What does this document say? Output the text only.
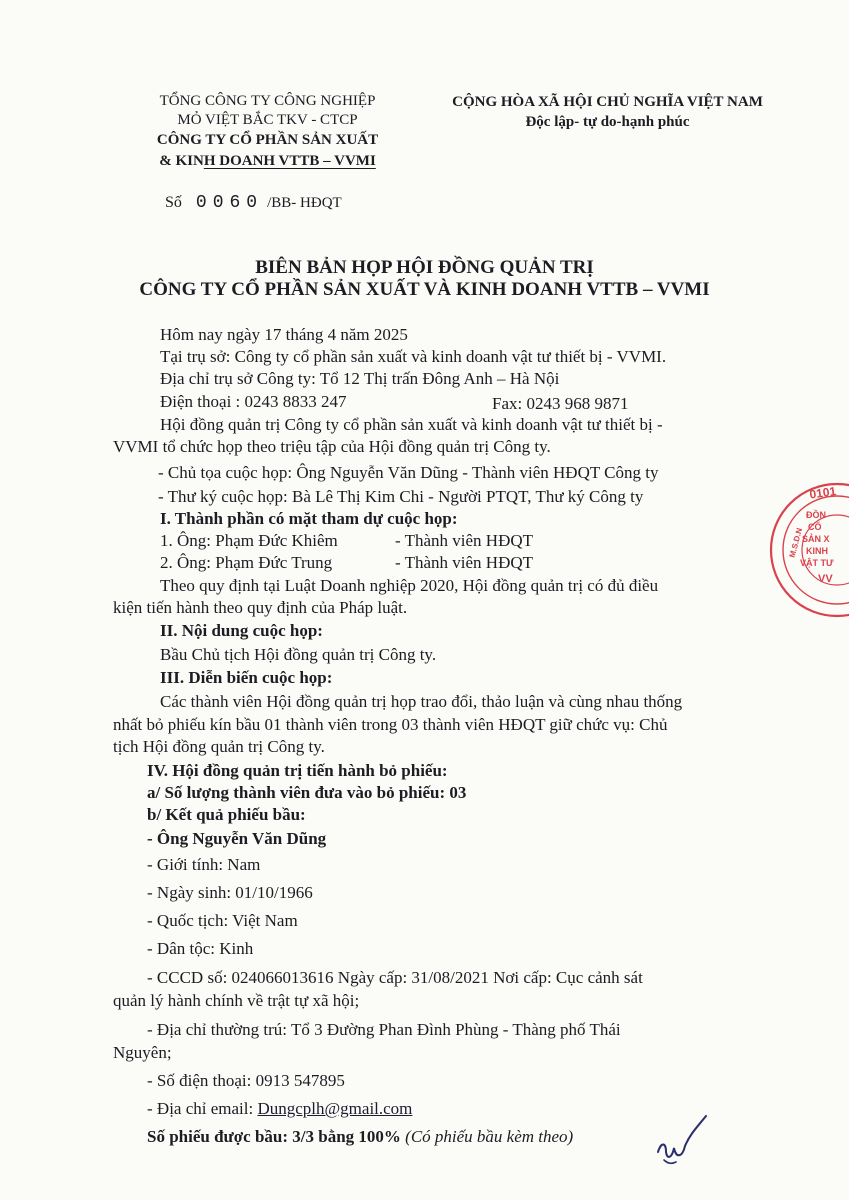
TỔNG CÔNG TY CÔNG NGHIỆP
MỎ VIỆT BẮC TKV - CTCP
CÔNG TY CỔ PHẦN SẢN XUẤT
& KINH DOANH VTTB – VVMI
CỘNG HÒA XÃ HỘI CHỦ NGHĨA VIỆT NAM
Độc lập- tự do-hạnh phúc
Số 0060 /BB- HĐQT
BIÊN BẢN HỌP HỘI ĐỒNG QUẢN TRỊ
CÔNG TY CỔ PHẦN SẢN XUẤT VÀ KINH DOANH VTTB – VVMI
Hôm nay ngày 17 tháng 4 năm 2025
Tại trụ sở: Công ty cổ phần sản xuất và kinh doanh vật tư thiết bị - VVMI.
Địa chỉ trụ sở Công ty: Tổ 12 Thị trấn Đông Anh – Hà Nội
Điện thoại : 0243 8833 247	Fax: 0243 968 9871
Hội đồng quản trị Công ty cổ phần sản xuất và kinh doanh vật tư thiết bị -
VVMI tổ chức họp theo triệu tập của Hội đồng quản trị Công ty.
- Chủ tọa cuộc họp: Ông Nguyễn Văn Dũng - Thành viên HĐQT Công ty
- Thư ký cuộc họp: Bà Lê Thị Kim Chi - Người PTQT, Thư ký Công ty
I. Thành phần có mặt tham dự cuộc họp:
1. Ông: Phạm Đức Khiêm	- Thành viên HĐQT
2. Ông: Phạm Đức Trung	- Thành viên HĐQT
Theo quy định tại Luật Doanh nghiệp 2020, Hội đồng quản trị có đủ điều
kiện tiến hành theo quy định của Pháp luật.
II. Nội dung cuộc họp:
Bầu Chủ tịch Hội đồng quản trị Công ty.
III. Diễn biến cuộc họp:
Các thành viên Hội đồng quản trị họp trao đổi, thảo luận và cùng nhau thống
nhất bỏ phiếu kín bầu 01 thành viên trong 03 thành viên HĐQT giữ chức vụ: Chủ
tịch Hội đồng quản trị Công ty.
IV. Hội đồng quản trị tiến hành bỏ phiếu:
a/ Số lượng thành viên đưa vào bỏ phiếu: 03
b/ Kết quả phiếu bầu:
- Ông Nguyễn Văn Dũng
- Giới tính: Nam
- Ngày sinh: 01/10/1966
- Quốc tịch: Việt Nam
- Dân tộc: Kinh
- CCCD số: 024066013616 Ngày cấp: 31/08/2021 Nơi cấp: Cục cảnh sát
quản lý hành chính về trật tự xã hội;
- Địa chỉ thường trú: Tổ 3 Đường Phan Đình Phùng - Thàng phố Thái
Nguyên;
- Số điện thoại: 0913 547895
- Địa chỉ email: Dungcplh@gmail.com
Số phiếu được bầu: 3/3 bằng 100% (Có phiếu bầu kèm theo)
0101
ĐỒN
CỔ
SẢN X
KINH
VẬT TƯ
VV
M.S.D.N
